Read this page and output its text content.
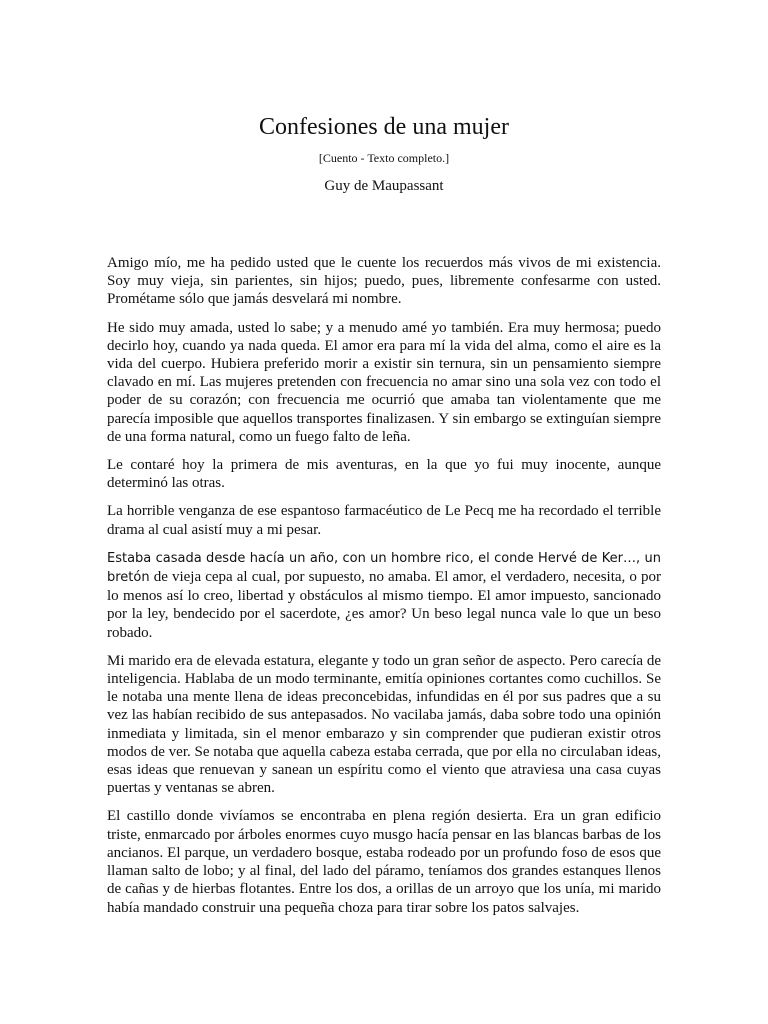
Confesiones de una mujer

[Cuento - Texto completo.]

Guy de Maupassant

Amigo mío, me ha pedido usted que le cuente los recuerdos más vivos de mi existencia. Soy muy vieja, sin parientes, sin hijos; puedo, pues, libremente confesarme con usted. Prométame sólo que jamás desvelará mi nombre.

He sido muy amada, usted lo sabe; y a menudo amé yo también. Era muy hermosa; puedo decirlo hoy, cuando ya nada queda. El amor era para mí la vida del alma, como el aire es la vida del cuerpo. Hubiera preferido morir a existir sin ternura, sin un pensamiento siempre clavado en mí. Las mujeres pretenden con frecuencia no amar sino una sola vez con todo el poder de su corazón; con frecuencia me ocurrió que amaba tan violentamente que me parecía imposible que aquellos transportes finalizasen. Y sin embargo se extinguían siempre de una forma natural, como un fuego falto de leña.

Le contaré hoy la primera de mis aventuras, en la que yo fui muy inocente, aunque determinó las otras.

La horrible venganza de ese espantoso farmacéutico de Le Pecq me ha recordado el terrible drama al cual asistí muy a mi pesar.

Estaba casada desde hacía un año, con un hombre rico, el conde Hervé de Ker…, un bretón de vieja cepa al cual, por supuesto, no amaba. El amor, el verdadero, necesita, o por lo menos así lo creo, libertad y obstáculos al mismo tiempo. El amor impuesto, sancionado por la ley, bendecido por el sacerdote, ¿es amor? Un beso legal nunca vale lo que un beso robado.

Mi marido era de elevada estatura, elegante y todo un gran señor de aspecto. Pero carecía de inteligencia. Hablaba de un modo terminante, emitía opiniones cortantes como cuchillos. Se le notaba una mente llena de ideas preconcebidas, infundidas en él por sus padres que a su vez las habían recibido de sus antepasados. No vacilaba jamás, daba sobre todo una opinión inmediata y limitada, sin el menor embarazo y sin comprender que pudieran existir otros modos de ver. Se notaba que aquella cabeza estaba cerrada, que por ella no circulaban ideas, esas ideas que renuevan y sanean un espíritu como el viento que atraviesa una casa cuyas puertas y ventanas se abren.

El castillo donde vivíamos se encontraba en plena región desierta. Era un gran edificio triste, enmarcado por árboles enormes cuyo musgo hacía pensar en las blancas barbas de los ancianos. El parque, un verdadero bosque, estaba rodeado por un profundo foso de esos que llaman salto de lobo; y al final, del lado del páramo, teníamos dos grandes estanques llenos de cañas y de hierbas flotantes. Entre los dos, a orillas de un arroyo que los unía, mi marido había mandado construir una pequeña choza para tirar sobre los patos salvajes.
